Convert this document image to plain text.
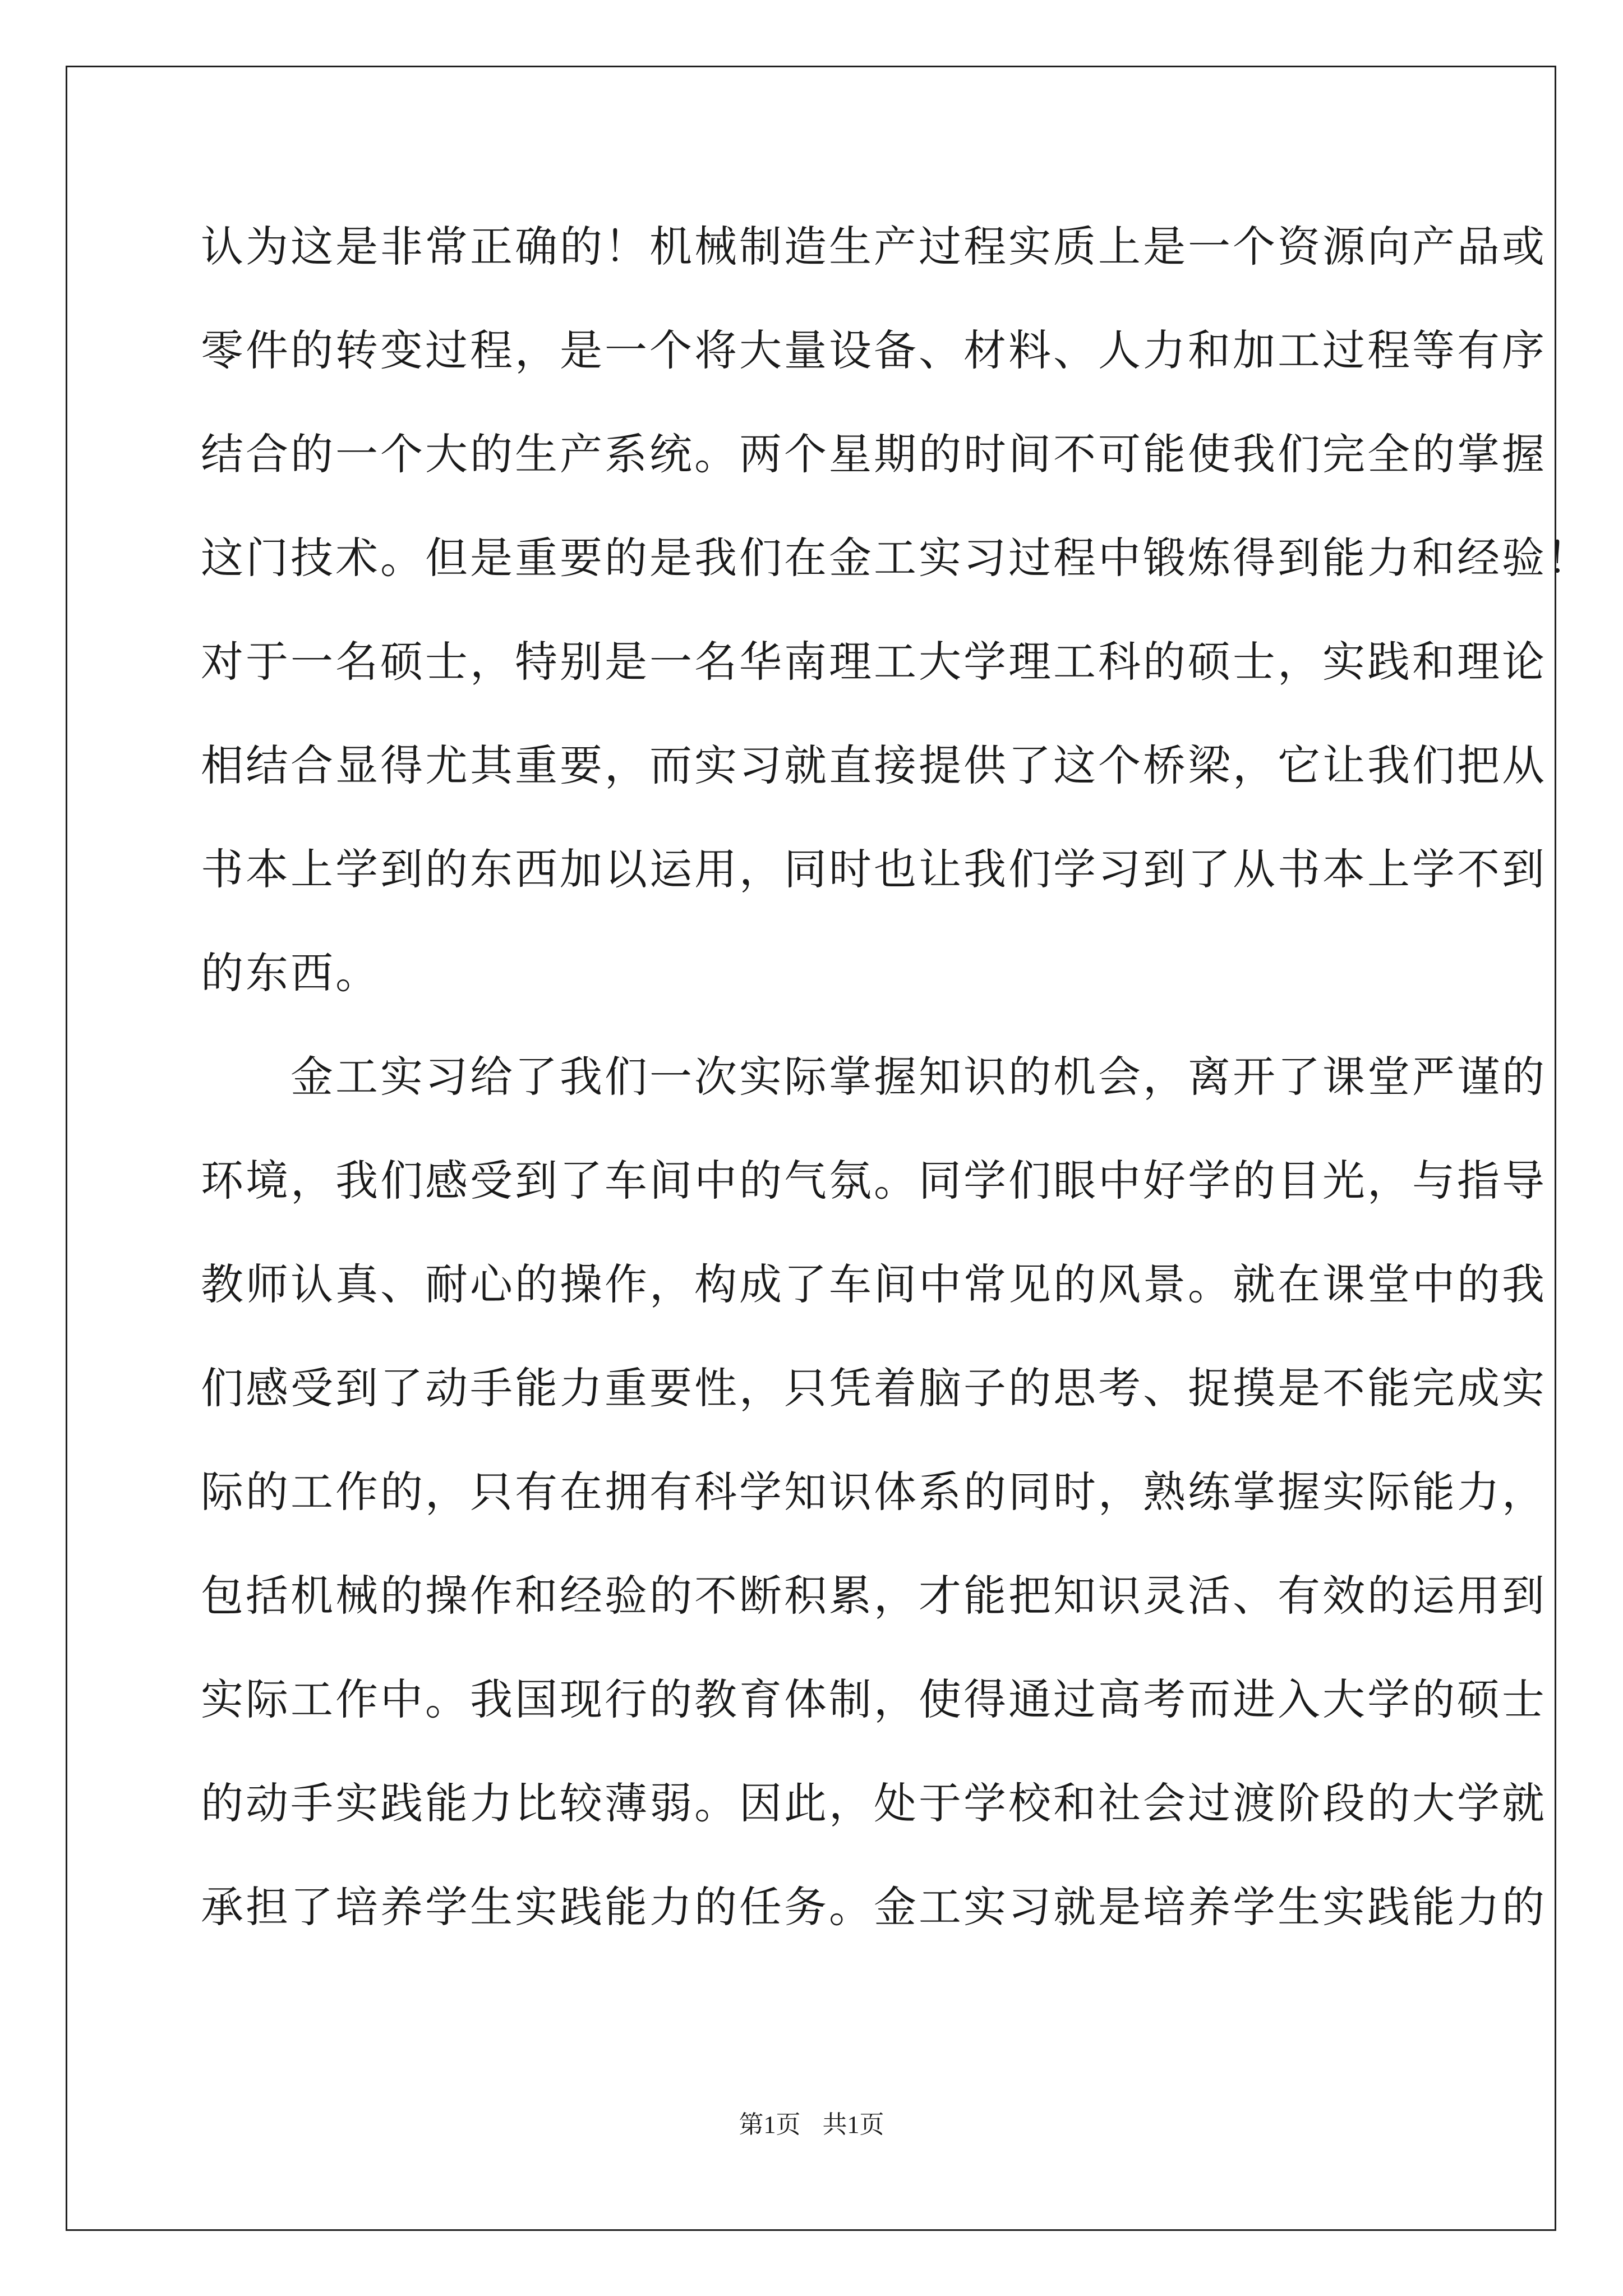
认为这是非常正确的！机械制造生产过程实质上是一个资源向产品或
零件的转变过程，是一个将大量设备、材料、人力和加工过程等有序
结合的一个大的生产系统。两个星期的时间不可能使我们完全的掌握
这门技术。但是重要的是我们在金工实习过程中锻炼得到能力和经验！
对于一名硕士，特别是一名华南理工大学理工科的硕士，实践和理论
相结合显得尤其重要，而实习就直接提供了这个桥梁，它让我们把从
书本上学到的东西加以运用，同时也让我们学习到了从书本上学不到
的东西。
　　金工实习给了我们一次实际掌握知识的机会，离开了课堂严谨的
环境，我们感受到了车间中的气氛。同学们眼中好学的目光，与指导
教师认真、耐心的操作，构成了车间中常见的风景。就在课堂中的我
们感受到了动手能力重要性，只凭着脑子的思考、捉摸是不能完成实
际的工作的，只有在拥有科学知识体系的同时，熟练掌握实际能力，
包括机械的操作和经验的不断积累，才能把知识灵活、有效的运用到
实际工作中。我国现行的教育体制，使得通过高考而进入大学的硕士
的动手实践能力比较薄弱。因此，处于学校和社会过渡阶段的大学就
承担了培养学生实践能力的任务。金工实习就是培养学生实践能力的
第1页 共1页
